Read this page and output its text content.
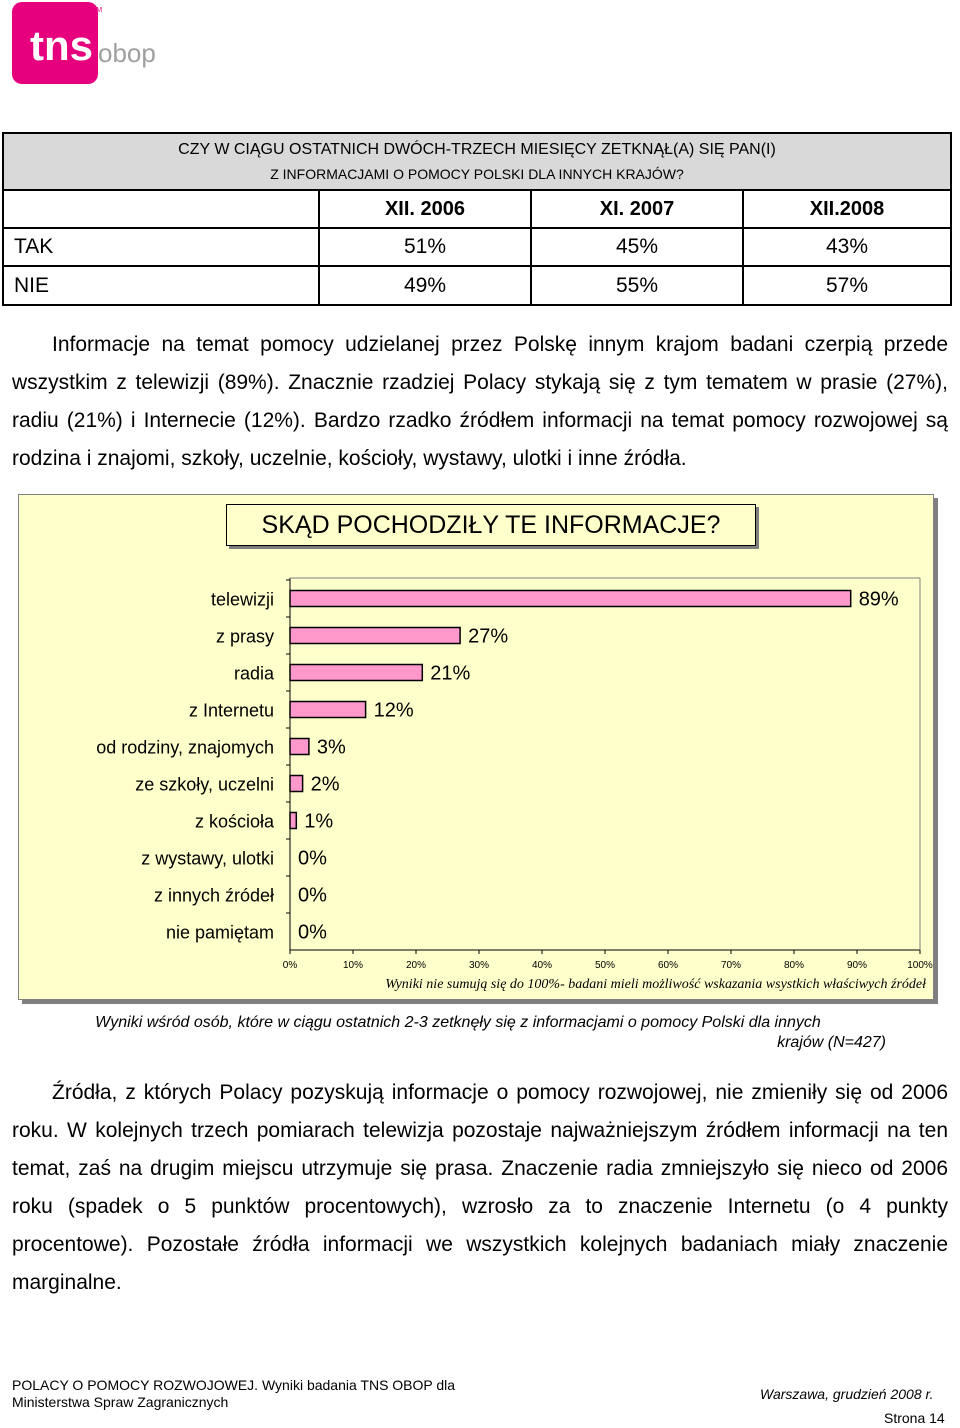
tns obop
TM
CZY W CIĄGU OSTATNICH DWÓCH-TRZECH MIESIĘCY ZETKNĄŁ(A) SIĘ PAN(I)
Z INFORMACJAMI O POMOCY POLSKI DLA INNYCH KRAJÓW?
XII. 2006	XI. 2007	XII.2008
TAK	51%	45%	43%
NIE	49%	55%	57%
Informacje na temat pomocy udzielanej przez Polskę innym krajom badani czerpią przede wszystkim z telewizji (89%). Znacznie rzadziej Polacy stykają się z tym tematem w prasie (27%), radiu (21%) i Internecie (12%). Bardzo rzadko źródłem informacji na temat pomocy rozwojowej są rodzina i znajomi, szkoły, uczelnie, kościoły, wystawy, ulotki i inne źródła.
SKĄD POCHODZIŁY TE INFORMACJE?
telewizji	89%
z prasy	27%
radia	21%
z Internetu	12%
od rodziny, znajomych 3%
ze szkoły, uczelni 2%
z kościoła 1%
z wystawy, ulotki 0%
z innych źródeł 0%
nie pamiętam 0%
0%	10%	20%	30%	40%	50%	60%	70%	80%	90%	100%
Wyniki nie sumują się do 100%- badani mieli możliwość wskazania wsystkich właściwych źródeł
Wyniki wśród osób, które w ciągu ostatnich 2-3 zetknęły się z informacjami o pomocy Polski dla innych
krajów (N=427)
Źródła, z których Polacy pozyskują informacje o pomocy rozwojowej, nie zmieniły się od 2006 roku. W kolejnych trzech pomiarach telewizja pozostaje najważniejszym źródłem informacji na ten temat, zaś na drugim miejscu utrzymuje się prasa. Znaczenie radia zmniejszyło się nieco od 2006 roku (spadek o 5 punktów procentowych), wzrosło za to znaczenie Internetu (o 4 punkty procentowe). Pozostałe źródła informacji we wszystkich kolejnych badaniach miały znaczenie marginalne.
POLACY O POMOCY ROZWOJOWEJ. Wyniki badania TNS OBOP dla
Ministerstwa Spraw Zagranicznych	Warszawa, grudzień 2008 r.
Strona 14
